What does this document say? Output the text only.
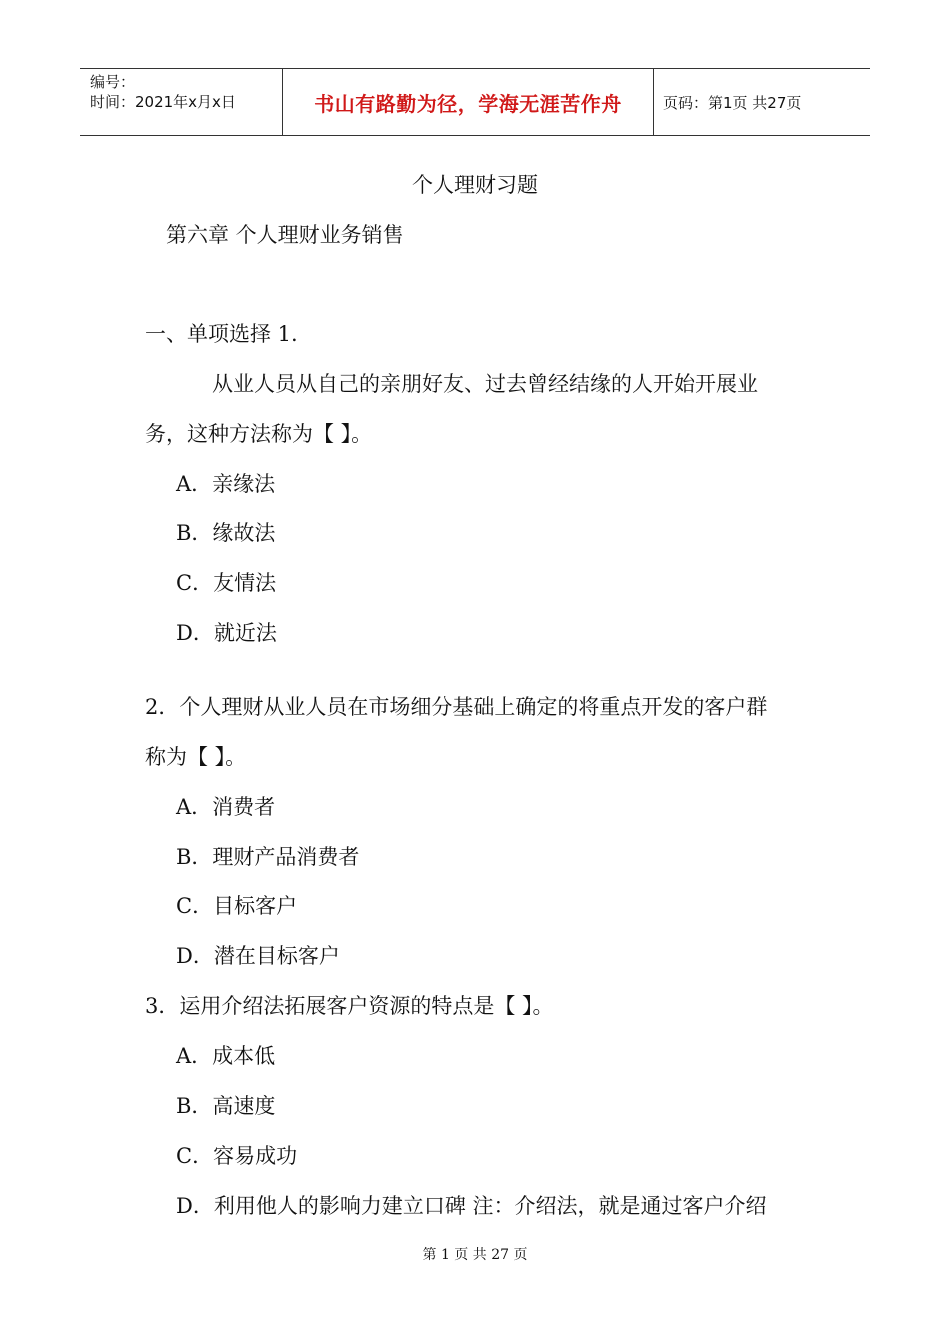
编号：
时间：2021年x月x日	书山有路勤为径，学海无涯苦作舟	页码：第1页 共27页
个人理财习题
第六章 个人理财业务销售
一、单项选择 1.
从业人员从自己的亲朋好友、过去曾经结缘的人开始开展业
务，这种方法称为【 】。
A．亲缘法
B．缘故法
C．友情法
D．就近法
2．个人理财从业人员在市场细分基础上确定的将重点开发的客户群
称为【 】。
A．消费者
B．理财产品消费者
C．目标客户
D．潜在目标客户
3．运用介绍法拓展客户资源的特点是【 】。
A．成本低
B．高速度
C．容易成功
D．利用他人的影响力建立口碑 注：介绍法，就是通过客户介绍
第 1 页 共 27 页
